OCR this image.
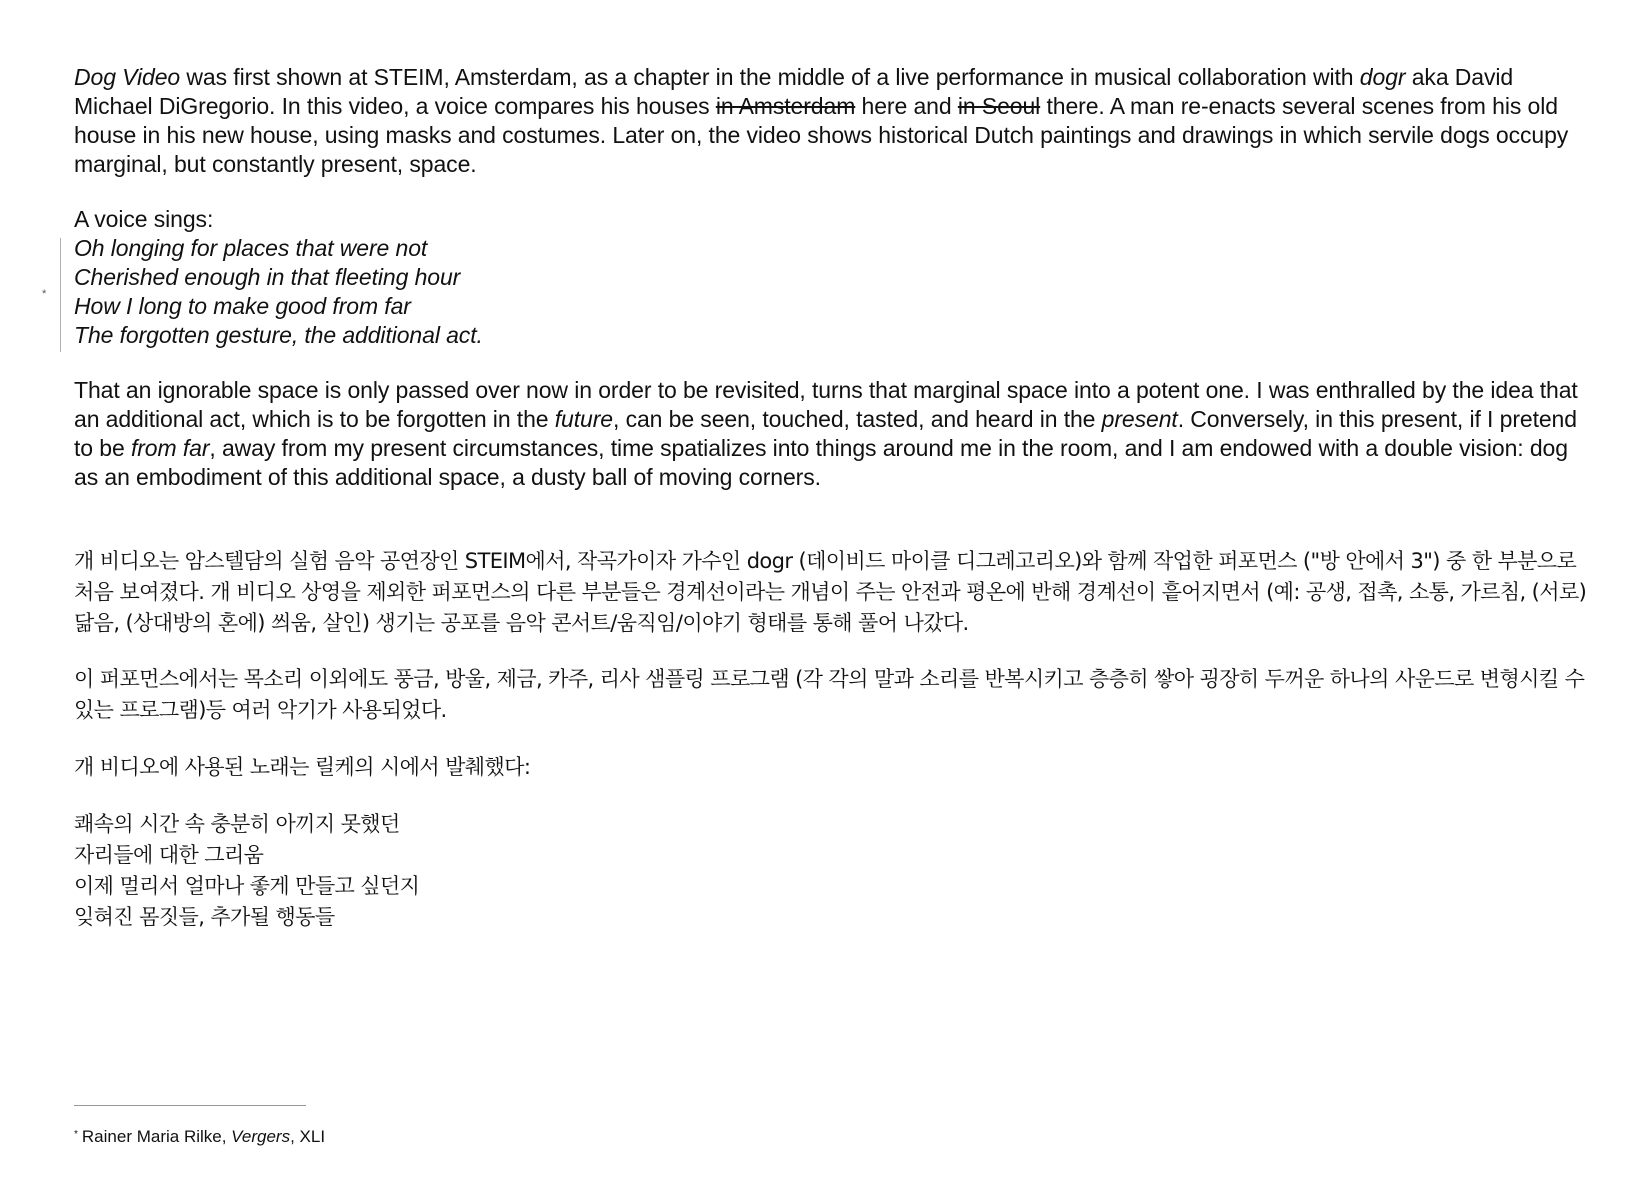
Dog Video was first shown at STEIM, Amsterdam, as a chapter in the middle of a live performance in musical collaboration with dogr aka David Michael DiGregorio. In this video, a voice compares his houses in Amsterdam here and in Seoul there. A man re-enacts several scenes from his old house in his new house, using masks and costumes. Later on, the video shows historical Dutch paintings and drawings in which servile dogs occupy marginal, but constantly present, space.

*

A voice sings:

Oh longing for places that were not
Cherished enough in that fleeting hour
How I long to make good from far
The forgotten gesture, the additional act.

That an ignorable space is only passed over now in order to be revisited, turns that marginal space into a potent one. I was enthralled by the idea that an additional act, which is to be forgotten in the future, can be seen, touched, tasted, and heard in the present. Conversely, in this present, if I pretend to be from far, away from my present circumstances, time spatializes into things around me in the room, and I am endowed with a double vision: dog as an embodiment of this additional space, a dusty ball of moving corners.

개 비디오는 암스텔담의 실험 음악 공연장인 STEIM에서, 작곡가이자 가수인 dogr (데이비드 마이클 디그레고리오)와 함께 작업한 퍼포먼스 ("방 안에서 3") 중 한 부분으로 처음 보여졌다. 개 비디오 상영을 제외한 퍼포먼스의 다른 부분들은 경계선이라는 개념이 주는 안전과 평온에 반해 경계선이 흩어지면서 (예: 공생, 접촉, 소통, 가르침, (서로) 닮음, (상대방의 혼에) 씌움, 살인) 생기는 공포를 음악 콘서트/움직임/이야기 형태를 통해 풀어 나갔다.

이 퍼포먼스에서는 목소리 이외에도 풍금, 방울, 제금, 카주, 리사 샘플링 프로그램 (각 각의 말과 소리를 반복시키고 층층히 쌓아 굉장히 두꺼운 하나의 사운드로 변형시킬 수 있는 프로그램)등 여러 악기가 사용되었다.

개 비디오에 사용된 노래는 릴케의 시에서 발췌했다:

쾌속의 시간 속 충분히 아끼지 못했던
자리들에 대한 그리움
이제 멀리서 얼마나 좋게 만들고 싶던지
잊혀진 몸짓들, 추가될 행동들
* Rainer Maria Rilke, Vergers, XLI
